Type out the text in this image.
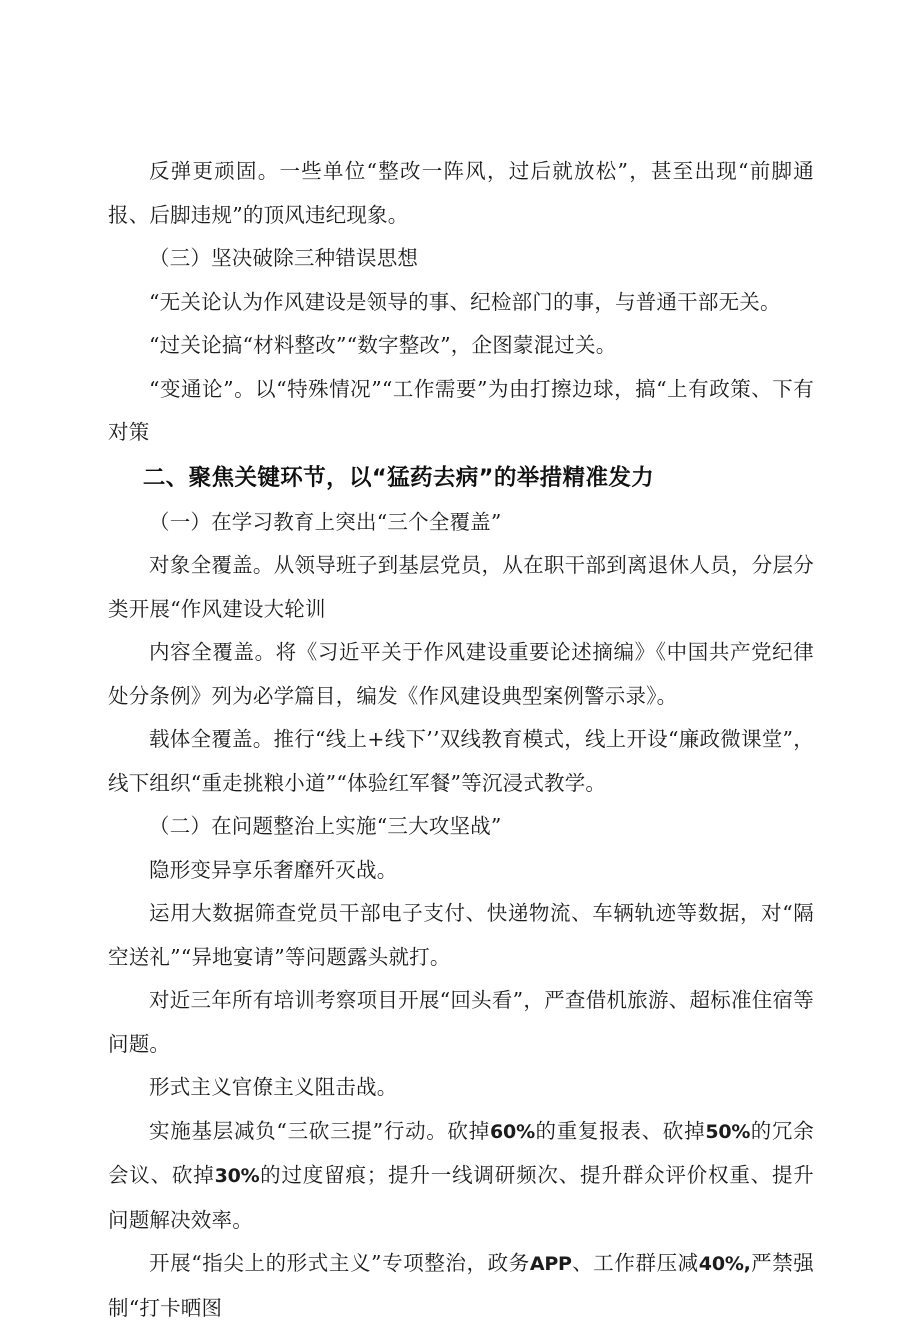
反弹更顽固。一些单位“整改一阵风，过后就放松”，甚至出现“前脚通报、后脚违规”的顶风违纪现象。

（三）坚决破除三种错误思想

“无关论认为作风建设是领导的事、纪检部门的事，与普通干部无关。

“过关论搞“材料整改”“数字整改”，企图蒙混过关。

“变通论”。以“特殊情况”“工作需要”为由打擦边球，搞“上有政策、下有对策

二、聚焦关键环节，以“猛药去病”的举措精准发力

（一）在学习教育上突出“三个全覆盖”

对象全覆盖。从领导班子到基层党员，从在职干部到离退休人员，分层分类开展“作风建设大轮训

内容全覆盖。将《习近平关于作风建设重要论述摘编》《中国共产党纪律处分条例》列为必学篇目，编发《作风建设典型案例警示录》。

载体全覆盖。推行“线上+线下’’双线教育模式，线上开设“廉政微课堂”，线下组织“重走挑粮小道”“体验红军餐”等沉浸式教学。

（二）在问题整治上实施“三大攻坚战”

隐形变异享乐奢靡歼灭战。

运用大数据筛查党员干部电子支付、快递物流、车辆轨迹等数据，对“隔空送礼”“异地宴请”等问题露头就打。

对近三年所有培训考察项目开展“回头看”，严查借机旅游、超标准住宿等问题。

形式主义官僚主义阻击战。

实施基层减负“三砍三提”行动。砍掉60%的重复报表、砍掉50%的冗余会议、砍掉30%的过度留痕；提升一线调研频次、提升群众评价权重、提升问题解决效率。

开展“指尖上的形式主义”专项整治，政务APP、工作群压减40%,严禁强制“打卡晒图
